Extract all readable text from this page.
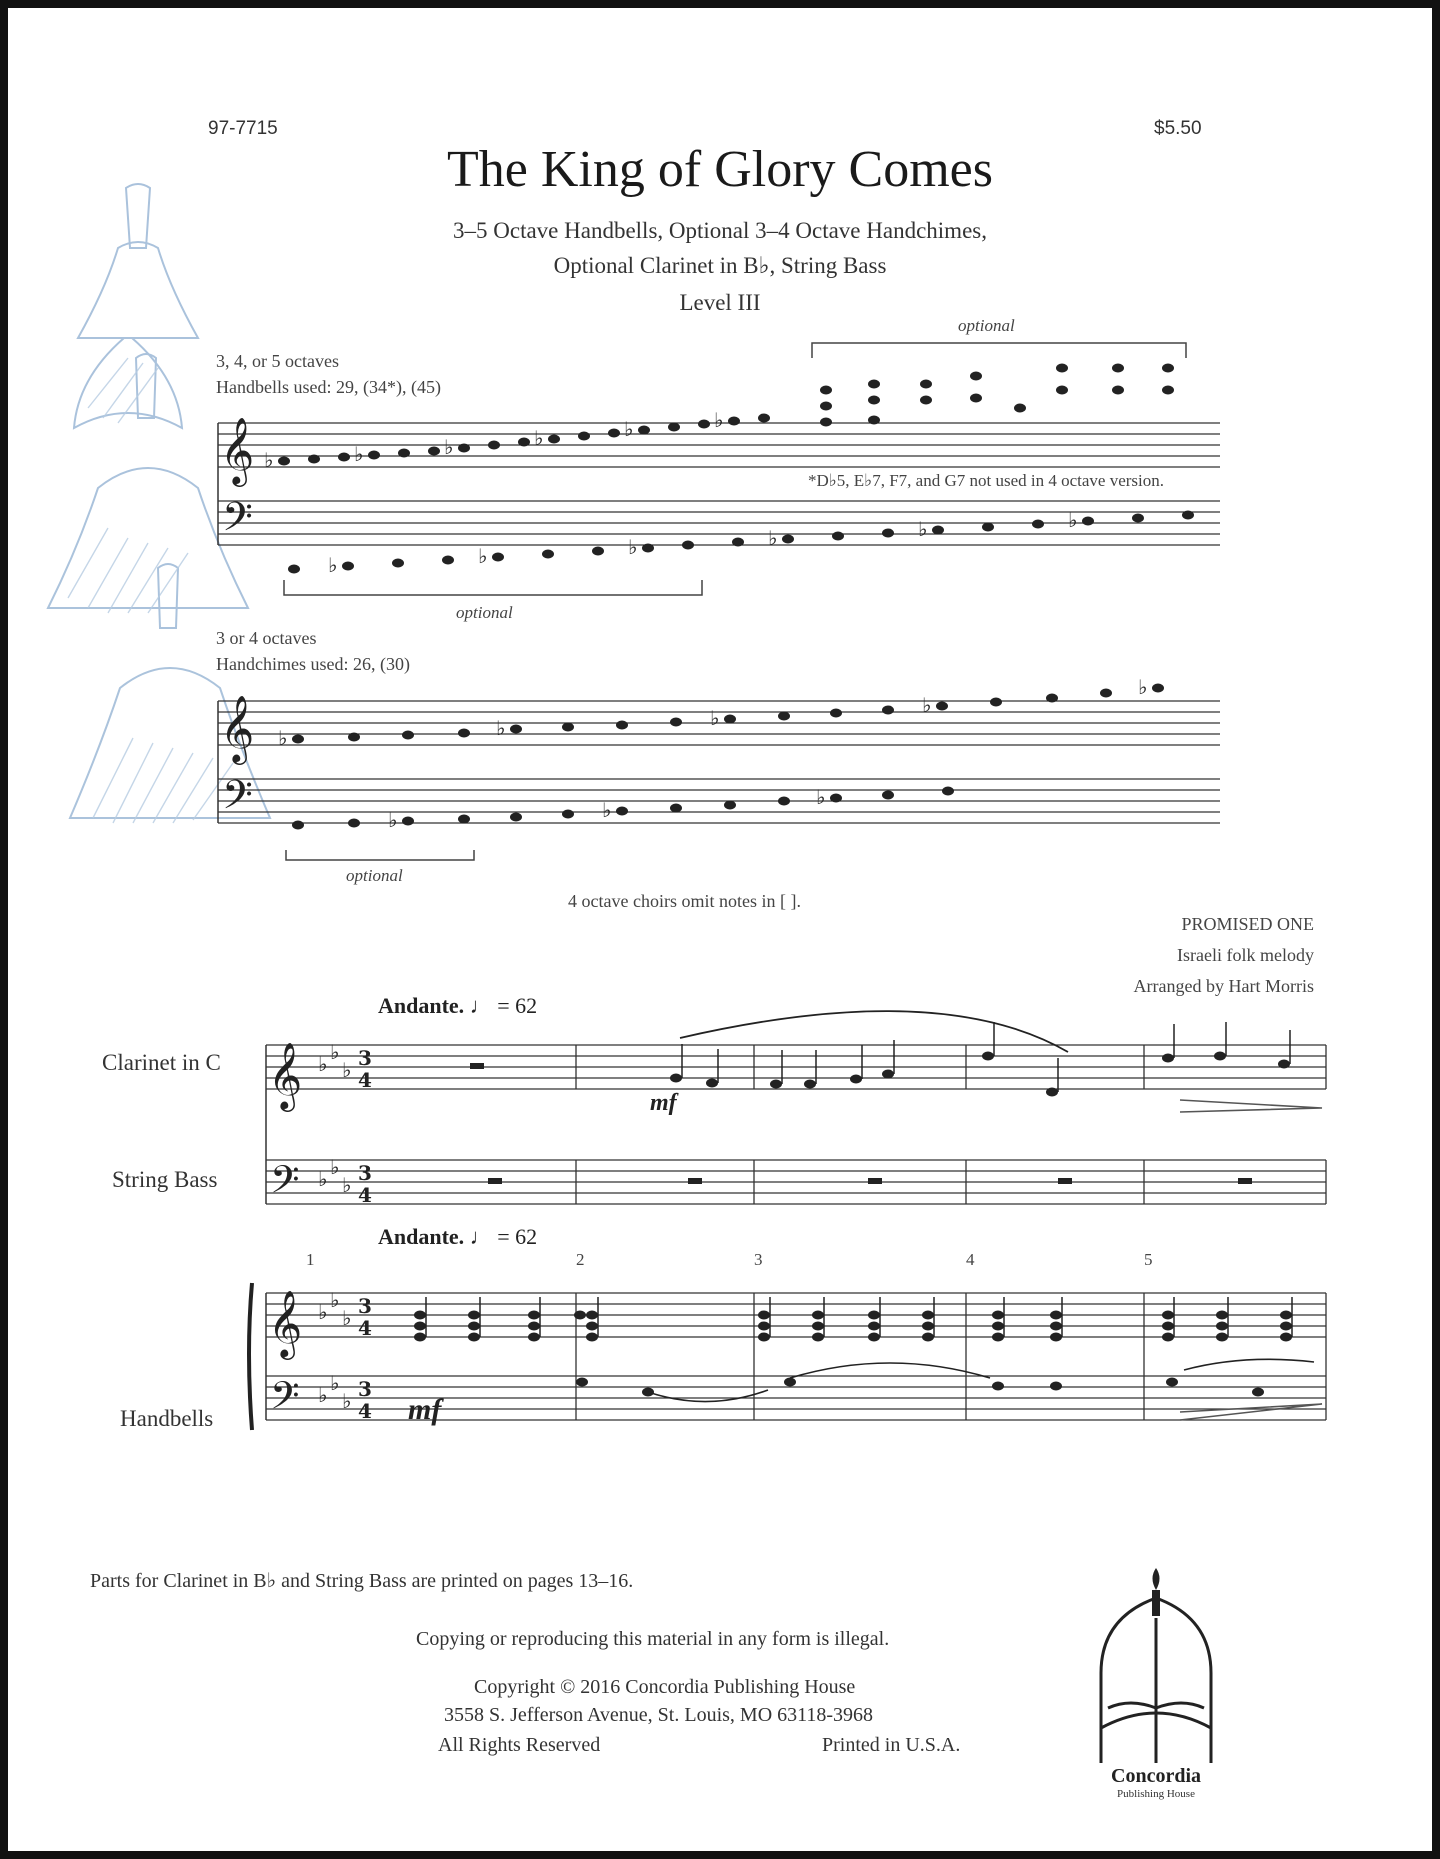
𝄞
𝄢
♭	♭	♭	♭	♭	♭
♭	♭	♭	♭	♭	♭
𝄞
𝄢
♭	♭	♭
♭
♭
♭	♭
♭
𝄞
𝄢
𝄞
𝄢
♭ ♭
♭ 3
4
♭ ♭
♭ 3
4
♭ ♭
♭ 3
4
♭ ♭
♭ 3
4
97-7715	$5.50
The King of Glory Comes
3–5 Octave Handbells, Optional 3–4 Octave Handchimes,
Optional Clarinet in B♭, String Bass
Level III
3, 4, or 5 octaves
Handbells used: 29, (34*), (45)
optional
*D♭5, E♭7, F7, and G7 not used in 4 octave version.
optional
3 or 4 octaves
Handchimes used: 26, (30)
optional
4 octave choirs omit notes in [ ].
PROMISED ONE
Israeli folk melody
Arranged by Hart Morris
Andante. ♩ = 62
Andante. ♩ = 62
Clarinet in C
String Bass
Handbells
mf
mf
1	2	3	4	5
Parts for Clarinet in B♭ and String Bass are printed on pages 13–16.
Copying or reproducing this material in any form is illegal.
Copyright © 2016 Concordia Publishing House
3558 S. Jefferson Avenue, St. Louis, MO 63118-3968
All Rights Reserved	Printed in U.S.A.
Concordia
Publishing House
